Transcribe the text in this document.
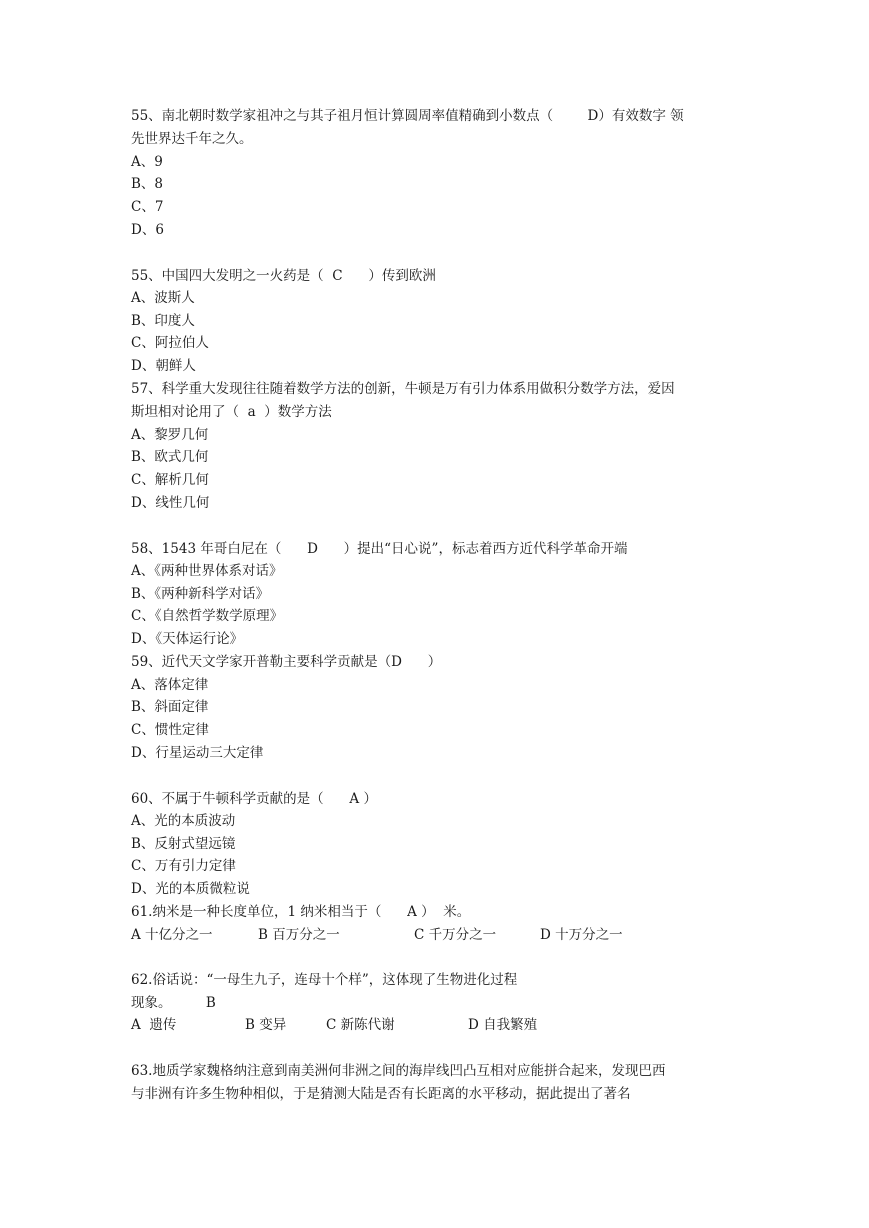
55、南北朝时数学家祖冲之与其子祖月恒计算圆周率值精确到小数点（        D）有效数字 领
先世界达千年之久。
A、9
B、8
C、7
D、6
55、中国四大发明之一火药是（  C      ）传到欧洲
A、波斯人
B、印度人
C、阿拉伯人
D、朝鲜人
57、科学重大发现往往随着数学方法的创新，牛顿是万有引力体系用做积分数学方法，爱因
斯坦相对论用了（  a  ）数学方法
A、黎罗几何
B、欧式几何
C、解析几何
D、线性几何
58、1543 年哥白尼在（      D      ）提出“日心说”，标志着西方近代科学革命开端
A、《两种世界体系对话》
B、《两种新科学对话》
C、《自然哲学数学原理》
D、《天体运行论》
59、近代天文学家开普勒主要科学贡献是（D      ）
A、落体定律
B、斜面定律
C、惯性定律
D、行星运动三大定律
60、不属于牛顿科学贡献的是（      A ）
A、光的本质波动
B、反射式望远镜
C、万有引力定律
D、光的本质微粒说
61.纳米是一种长度单位，1 纳米相当于（      A ）  米。

A 十亿分之一

	B 百万分之一

	C 千万分之一

	D 十万分之一

62.俗话说：“一母生九子，连母十个样”，这体现了生物进化过程
现象。        B

A  遗传

	B 变异

	C 新陈代谢

	D 自我繁殖

63.地质学家魏格纳注意到南美洲何非洲之间的海岸线凹凸互相对应能拼合起来，发现巴西
与非洲有许多生物种相似，于是猜测大陆是否有长距离的水平移动，据此提出了著名
